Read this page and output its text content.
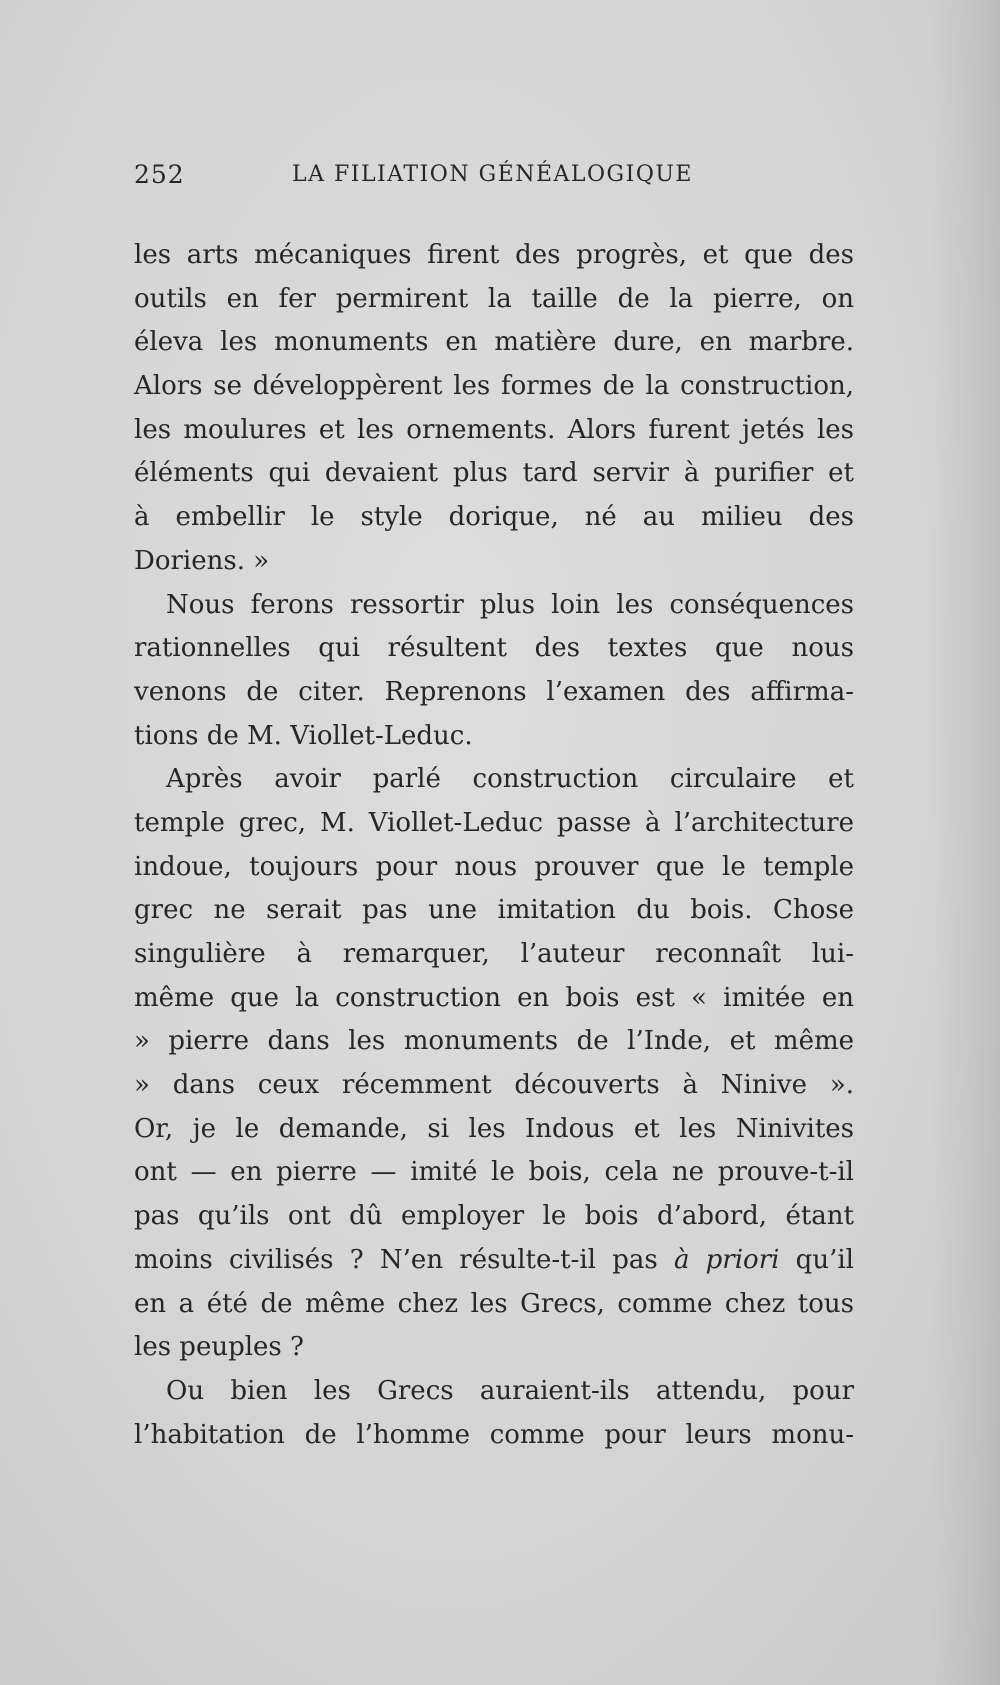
252	LA FILIATION GÉNÉALOGIQUE
les arts mécaniques firent des progrès, et que des
outils en fer permirent la taille de la pierre, on
éleva les monuments en matière dure, en marbre.
Alors se développèrent les formes de la construction,
les moulures et les ornements. Alors furent jetés les
éléments qui devaient plus tard servir à purifier et
à embellir le style dorique, né au milieu des
Doriens. »
Nous ferons ressortir plus loin les conséquences
rationnelles qui résultent des textes que nous
venons de citer. Reprenons l’examen des affirma-
tions de M. Viollet-Leduc.
Après avoir parlé construction circulaire et
temple grec, M. Viollet-Leduc passe à l’architecture
indoue, toujours pour nous prouver que le temple
grec ne serait pas une imitation du bois. Chose
singulière à remarquer, l’auteur reconnaît lui-
même que la construction en bois est « imitée en
» pierre dans les monuments de l’Inde, et même
» dans ceux récemment découverts à Ninive ».
Or, je le demande, si les Indous et les Ninivites
ont — en pierre — imité le bois, cela ne prouve-t-il
pas qu’ils ont dû employer le bois d’abord, étant
moins civilisés ? N’en résulte-t-il pas à priori qu’il
en a été de même chez les Grecs, comme chez tous
les peuples ?
Ou bien les Grecs auraient-ils attendu, pour
l’habitation de l’homme comme pour leurs monu-
